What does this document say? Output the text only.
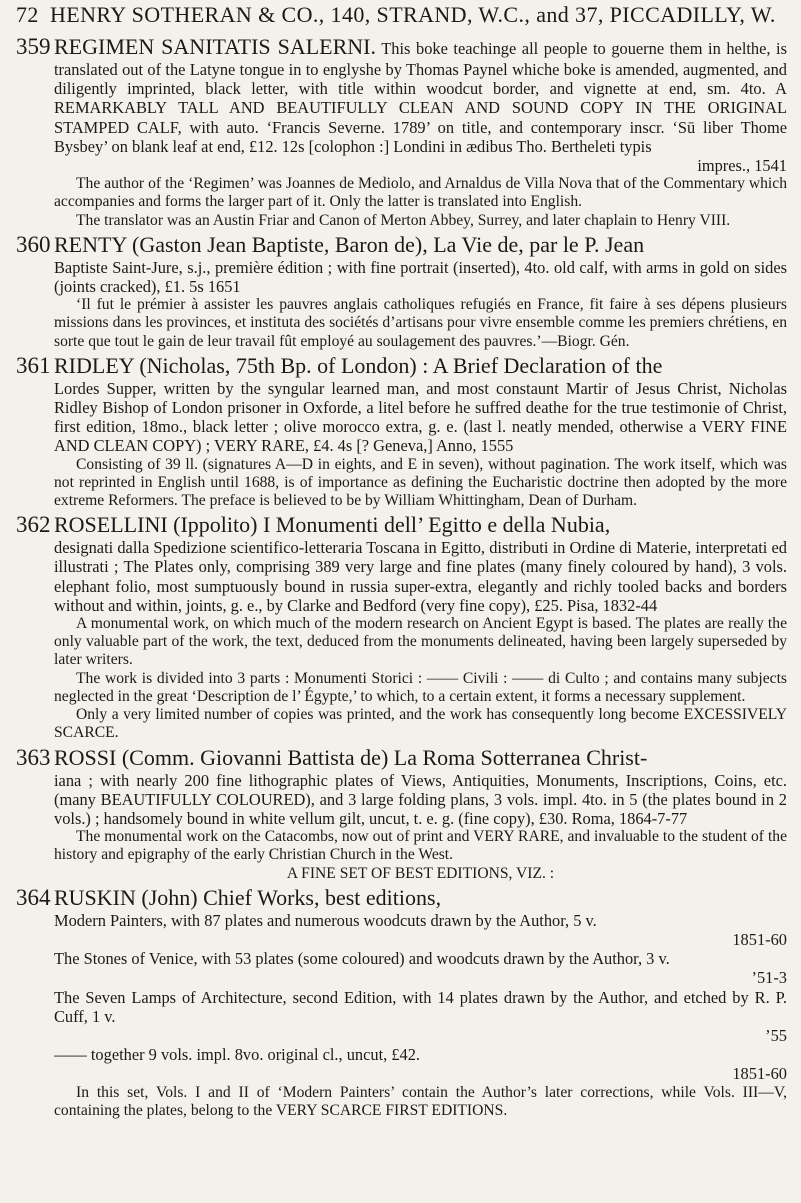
72 HENRY SOTHERAN & CO., 140, STRAND, W.C., and 37, PICCADILLY, W.
359 REGIMEN SANITATIS SALERNI. This boke teachinge all people to gouerne them in helthe, is translated out of the Latyne tongue in to englyshe by Thomas Paynel whiche boke is amended, augmented, and diligently imprinted, black letter, with title within woodcut border, and vignette at end, sm. 4to. A REMARKABLY TALL AND BEAUTIFULLY CLEAN AND SOUND COPY IN THE ORIGINAL STAMPED CALF, with auto. ‘Francis Severne. 1789’ on title, and contemporary inscr. ‘Sū liber Thome Bysbey’ on blank leaf at end, £12. 12s [colophon :] Londini in ædibus Tho. Bertheleti typis

impres., 1541

The author of the ‘Regimen’ was Joannes de Mediolo, and Arnaldus de Villa Nova that of the Commentary which accompanies and forms the larger part of it. Only the latter is translated into English.

The translator was an Austin Friar and Canon of Merton Abbey, Surrey, and later chaplain to Henry VIII.

360 RENTY (Gaston Jean Baptiste, Baron de), La Vie de, par le P. Jean

Baptiste Saint-Jure, s.j., première édition ; with fine portrait (inserted), 4to. old calf, with arms in gold on sides (joints cracked), £1. 5s 1651

‘Il fut le prémier à assister les pauvres anglais catholiques refugiés en France, fit faire à ses dépens plusieurs missions dans les provinces, et instituta des sociétés d’artisans pour vivre ensemble comme les premiers chrétiens, en sorte que tout le gain de leur travail fût employé au soulagement des pauvres.’—Biogr. Gén.

361 RIDLEY (Nicholas, 75th Bp. of London) : A Brief Declaration of the

Lordes Supper, written by the syngular learned man, and most constaunt Martir of Jesus Christ, Nicholas Ridley Bishop of London prisoner in Oxforde, a litel before he suffred deathe for the true testimonie of Christ, first edition, 18mo., black letter ; olive morocco extra, g. e. (last l. neatly mended, otherwise a VERY FINE AND CLEAN COPY) ; VERY RARE, £4. 4s [? Geneva,] Anno, 1555

Consisting of 39 ll. (signatures A—D in eights, and E in seven), without pagination. The work itself, which was not reprinted in English until 1688, is of importance as defining the Eucharistic doctrine then adopted by the more extreme Reformers. The preface is believed to be by William Whittingham, Dean of Durham.

362 ROSELLINI (Ippolito) I Monumenti dell’ Egitto e della Nubia,

designati dalla Spedizione scientifico-letteraria Toscana in Egitto, distributi in Ordine di Materie, interpretati ed illustrati ; The Plates only, comprising 389 very large and fine plates (many finely coloured by hand), 3 vols. elephant folio, most sumptuously bound in russia super-extra, elegantly and richly tooled backs and borders without and within, joints, g. e., by Clarke and Bedford (very fine copy), £25. Pisa, 1832-44

A monumental work, on which much of the modern research on Ancient Egypt is based. The plates are really the only valuable part of the work, the text, deduced from the monuments delineated, having been largely superseded by later writers.

The work is divided into 3 parts : Monumenti Storici : —— Civili : —— di Culto ; and contains many subjects neglected in the great ‘Description de l’ Égypte,’ to which, to a certain extent, it forms a necessary supplement.

Only a very limited number of copies was printed, and the work has consequently long become EXCESSIVELY SCARCE.

363 ROSSI (Comm. Giovanni Battista de) La Roma Sotterranea Christ-

iana ; with nearly 200 fine lithographic plates of Views, Antiquities, Monuments, Inscriptions, Coins, etc. (many BEAUTIFULLY COLOURED), and 3 large folding plans, 3 vols. impl. 4to. in 5 (the plates bound in 2 vols.) ; handsomely bound in white vellum gilt, uncut, t. e. g. (fine copy), £30. Roma, 1864-7-77

The monumental work on the Catacombs, now out of print and VERY RARE, and invaluable to the student of the history and epigraphy of the early Christian Church in the West.

A FINE SET OF BEST EDITIONS, VIZ. :

364 RUSKIN (John) Chief Works, best editions,

Modern Painters, with 87 plates and numerous woodcuts drawn by the Author, 5 v.

1851-60

The Stones of Venice, with 53 plates (some coloured) and woodcuts drawn by the Author, 3 v.

’51-3

The Seven Lamps of Architecture, second Edition, with 14 plates drawn by the Author, and etched by R. P. Cuff, 1 v.

’55

—— together 9 vols. impl. 8vo. original cl., uncut, £42.

1851-60

In this set, Vols. I and II of ‘Modern Painters’ contain the Author’s later corrections, while Vols. III—V, containing the plates, belong to the VERY SCARCE FIRST EDITIONS.
